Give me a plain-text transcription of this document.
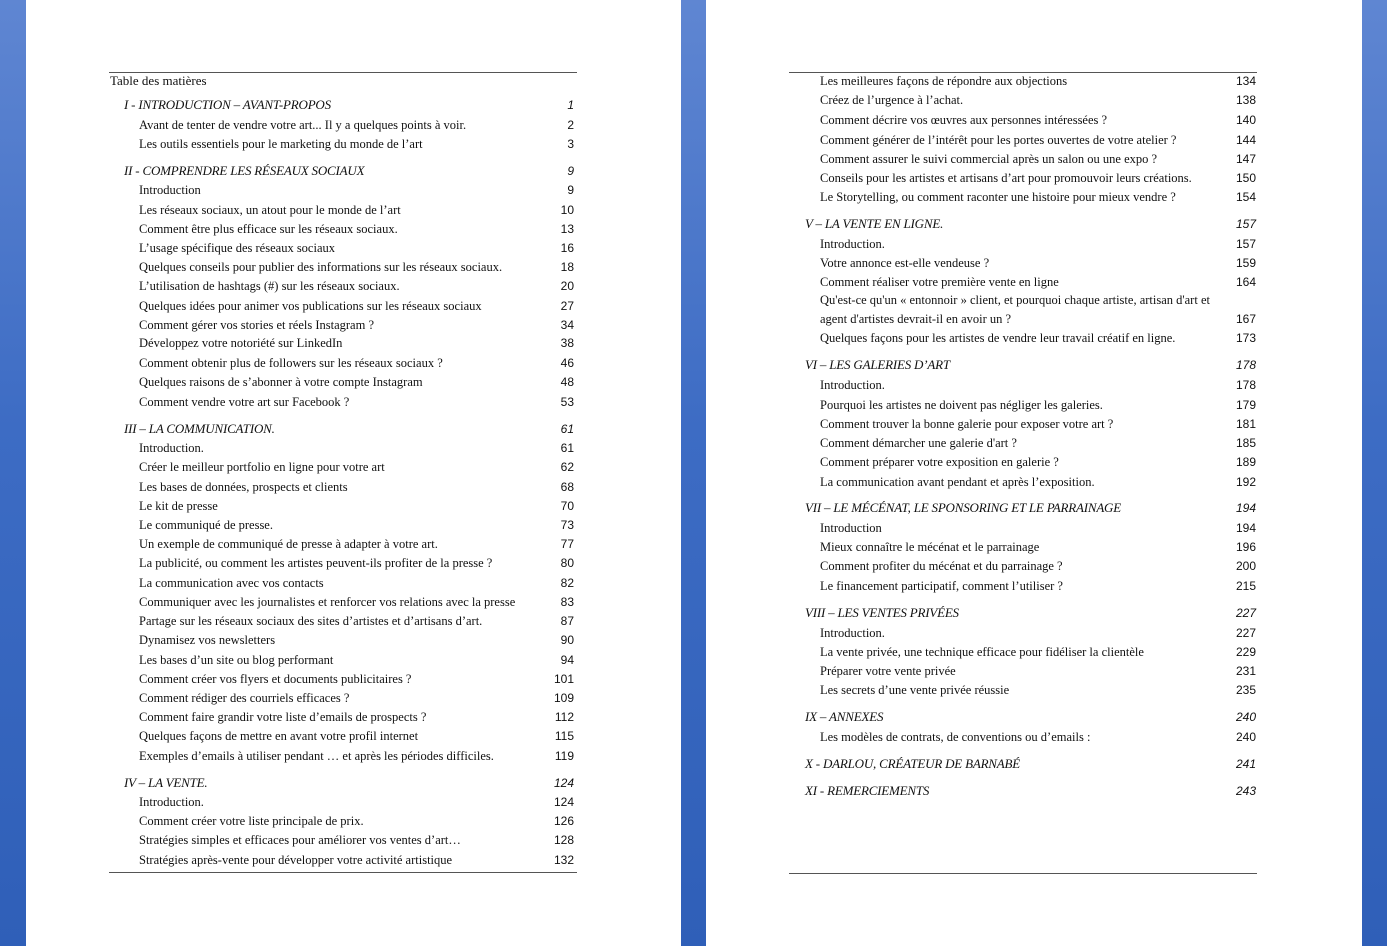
Table des matières
I - INTRODUCTION – AVANT-PROPOS	1
Avant de tenter de vendre votre art... Il y a quelques points à voir.	2
Les outils essentiels pour le marketing du monde de l’art	3
II - COMPRENDRE LES RÉSEAUX SOCIAUX	9
Introduction	9
Les réseaux sociaux, un atout pour le monde de l’art	10
Comment être plus efficace sur les réseaux sociaux.	13
L’usage spécifique des réseaux sociaux	16
Quelques conseils pour publier des informations sur les réseaux sociaux.	18
L’utilisation de hashtags (#) sur les réseaux sociaux.	20
Quelques idées pour animer vos publications sur les réseaux sociaux	27
Comment gérer vos stories et réels Instagram ?	34
Développez votre notoriété sur LinkedIn	38
Comment obtenir plus de followers sur les réseaux sociaux ?	46
Quelques raisons de s’abonner à votre compte Instagram	48
Comment vendre votre art sur Facebook ?	53
III – LA COMMUNICATION.	61
Introduction.	61
Créer le meilleur portfolio en ligne pour votre art	62
Les bases de données, prospects et clients	68
Le kit de presse	70
Le communiqué de presse.	73
Un exemple de communiqué de presse à adapter à votre art.	77
La publicité, ou comment les artistes peuvent-ils profiter de la presse ?	80
La communication avec vos contacts	82
Communiquer avec les journalistes et renforcer vos relations avec la presse	83
Partage sur les réseaux sociaux des sites d’artistes et d’artisans d’art.	87
Dynamisez vos newsletters	90
Les bases d’un site ou blog performant	94
Comment créer vos flyers et documents publicitaires ?	101
Comment rédiger des courriels efficaces ?	109
Comment faire grandir votre liste d’emails de prospects ?	112
Quelques façons de mettre en avant votre profil internet	115
Exemples d’emails à utiliser pendant … et après les périodes difficiles.	119
IV – LA VENTE.	124
Introduction.	124
Comment créer votre liste principale de prix.	126
Stratégies simples et efficaces pour améliorer vos ventes d’art…	128
Stratégies après-vente pour développer votre activité artistique	132
Les meilleures façons de répondre aux objections	134
Créez de l’urgence à l’achat.	138
Comment décrire vos œuvres aux personnes intéressées ?	140
Comment générer de l’intérêt pour les portes ouvertes de votre atelier ?	144
Comment assurer le suivi commercial après un salon ou une expo ?	147
Conseils pour les artistes et artisans d’art pour promouvoir leurs créations.	150
Le Storytelling, ou comment raconter une histoire pour mieux vendre ?	154
V – LA VENTE EN LIGNE.	157
Introduction.	157
Votre annonce est-elle vendeuse ?	159
Comment réaliser votre première vente en ligne	164
Qu'est-ce qu'un « entonnoir » client, et pourquoi chaque artiste, artisan d'art et agent d'artistes devrait-il en avoir un ?	167
Quelques façons pour les artistes de vendre leur travail créatif en ligne.	173
VI – LES GALERIES D’ART	178
Introduction.	178
Pourquoi les artistes ne doivent pas négliger les galeries.	179
Comment trouver la bonne galerie pour exposer votre art ?	181
Comment démarcher une galerie d'art ?	185
Comment préparer votre exposition en galerie ?	189
La communication avant pendant et après l’exposition.	192
VII – LE MÉCÉNAT, LE SPONSORING ET LE PARRAINAGE	194
Introduction	194
Mieux connaître le mécénat et le parrainage	196
Comment profiter du mécénat et du parrainage ?	200
Le financement participatif, comment l’utiliser ?	215
VIII – LES VENTES PRIVÉES	227
Introduction.	227
La vente privée, une technique efficace pour fidéliser la clientèle	229
Préparer votre vente privée	231
Les secrets d’une vente privée réussie	235
IX – ANNEXES	240
Les modèles de contrats, de conventions ou d’emails :	240
X - DARLOU, CRÉATEUR DE BARNABÉ	241
XI - REMERCIEMENTS	243
